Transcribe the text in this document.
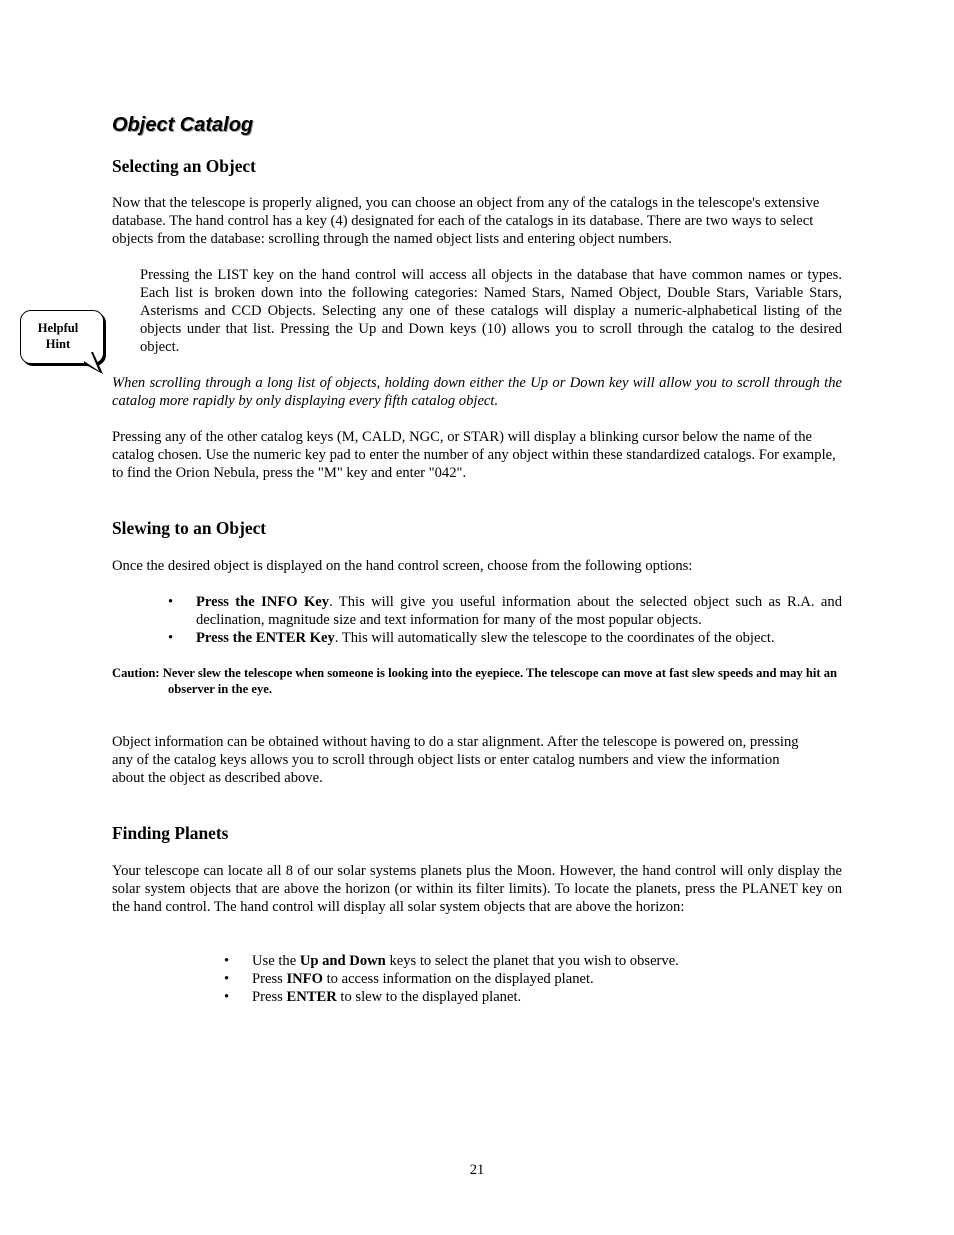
Object Catalog
Selecting an Object

Now that the telescope is properly aligned, you can choose an object from any of the catalogs in the telescope's extensive database. The hand control has a key (4) designated for each of the catalogs in its database. There are two ways to select objects from the database: scrolling through the named object lists and entering object numbers.

Pressing the LIST key on the hand control will access all objects in the database that have common names or types. Each list is broken down into the following categories: Named Stars, Named Object, Double Stars, Variable Stars, Asterisms and CCD Objects. Selecting any one of these catalogs will display a numeric-alphabetical listing of the objects under that list. Pressing the Up and Down keys (10) allows you to scroll through the catalog to the desired object.

Helpful
Hint

When scrolling through a long list of objects, holding down either the Up or Down key will allow you to scroll through the catalog more rapidly by only displaying every fifth catalog object.

Pressing any of the other catalog keys (M, CALD, NGC, or STAR) will display a blinking cursor below the name of the catalog chosen. Use the numeric key pad to enter the number of any object within these standardized catalogs. For example, to find the Orion Nebula, press the "M" key and enter "042".

Slewing to an Object

Once the desired object is displayed on the hand control screen, choose from the following options:

• Press the INFO Key. This will give you useful information about the selected object such as R.A. and declination, magnitude size and text information for many of the most popular objects.
• Press the ENTER Key. This will automatically slew the telescope to the coordinates of the object.
Caution: Never slew the telescope when someone is looking into the eyepiece. The telescope can move at fast slew speeds and may hit an observer in the eye.

Object information can be obtained without having to do a star alignment. After the telescope is powered on, pressing any of the catalog keys allows you to scroll through object lists or enter catalog numbers and view the information about the object as described above.

Finding Planets

Your telescope can locate all 8 of our solar systems planets plus the Moon. However, the hand control will only display the solar system objects that are above the horizon (or within its filter limits). To locate the planets, press the PLANET key on the hand control. The hand control will display all solar system objects that are above the horizon:

• Use the Up and Down keys to select the planet that you wish to observe.
• Press INFO to access information on the displayed planet.
• Press ENTER to slew to the displayed planet.
21
